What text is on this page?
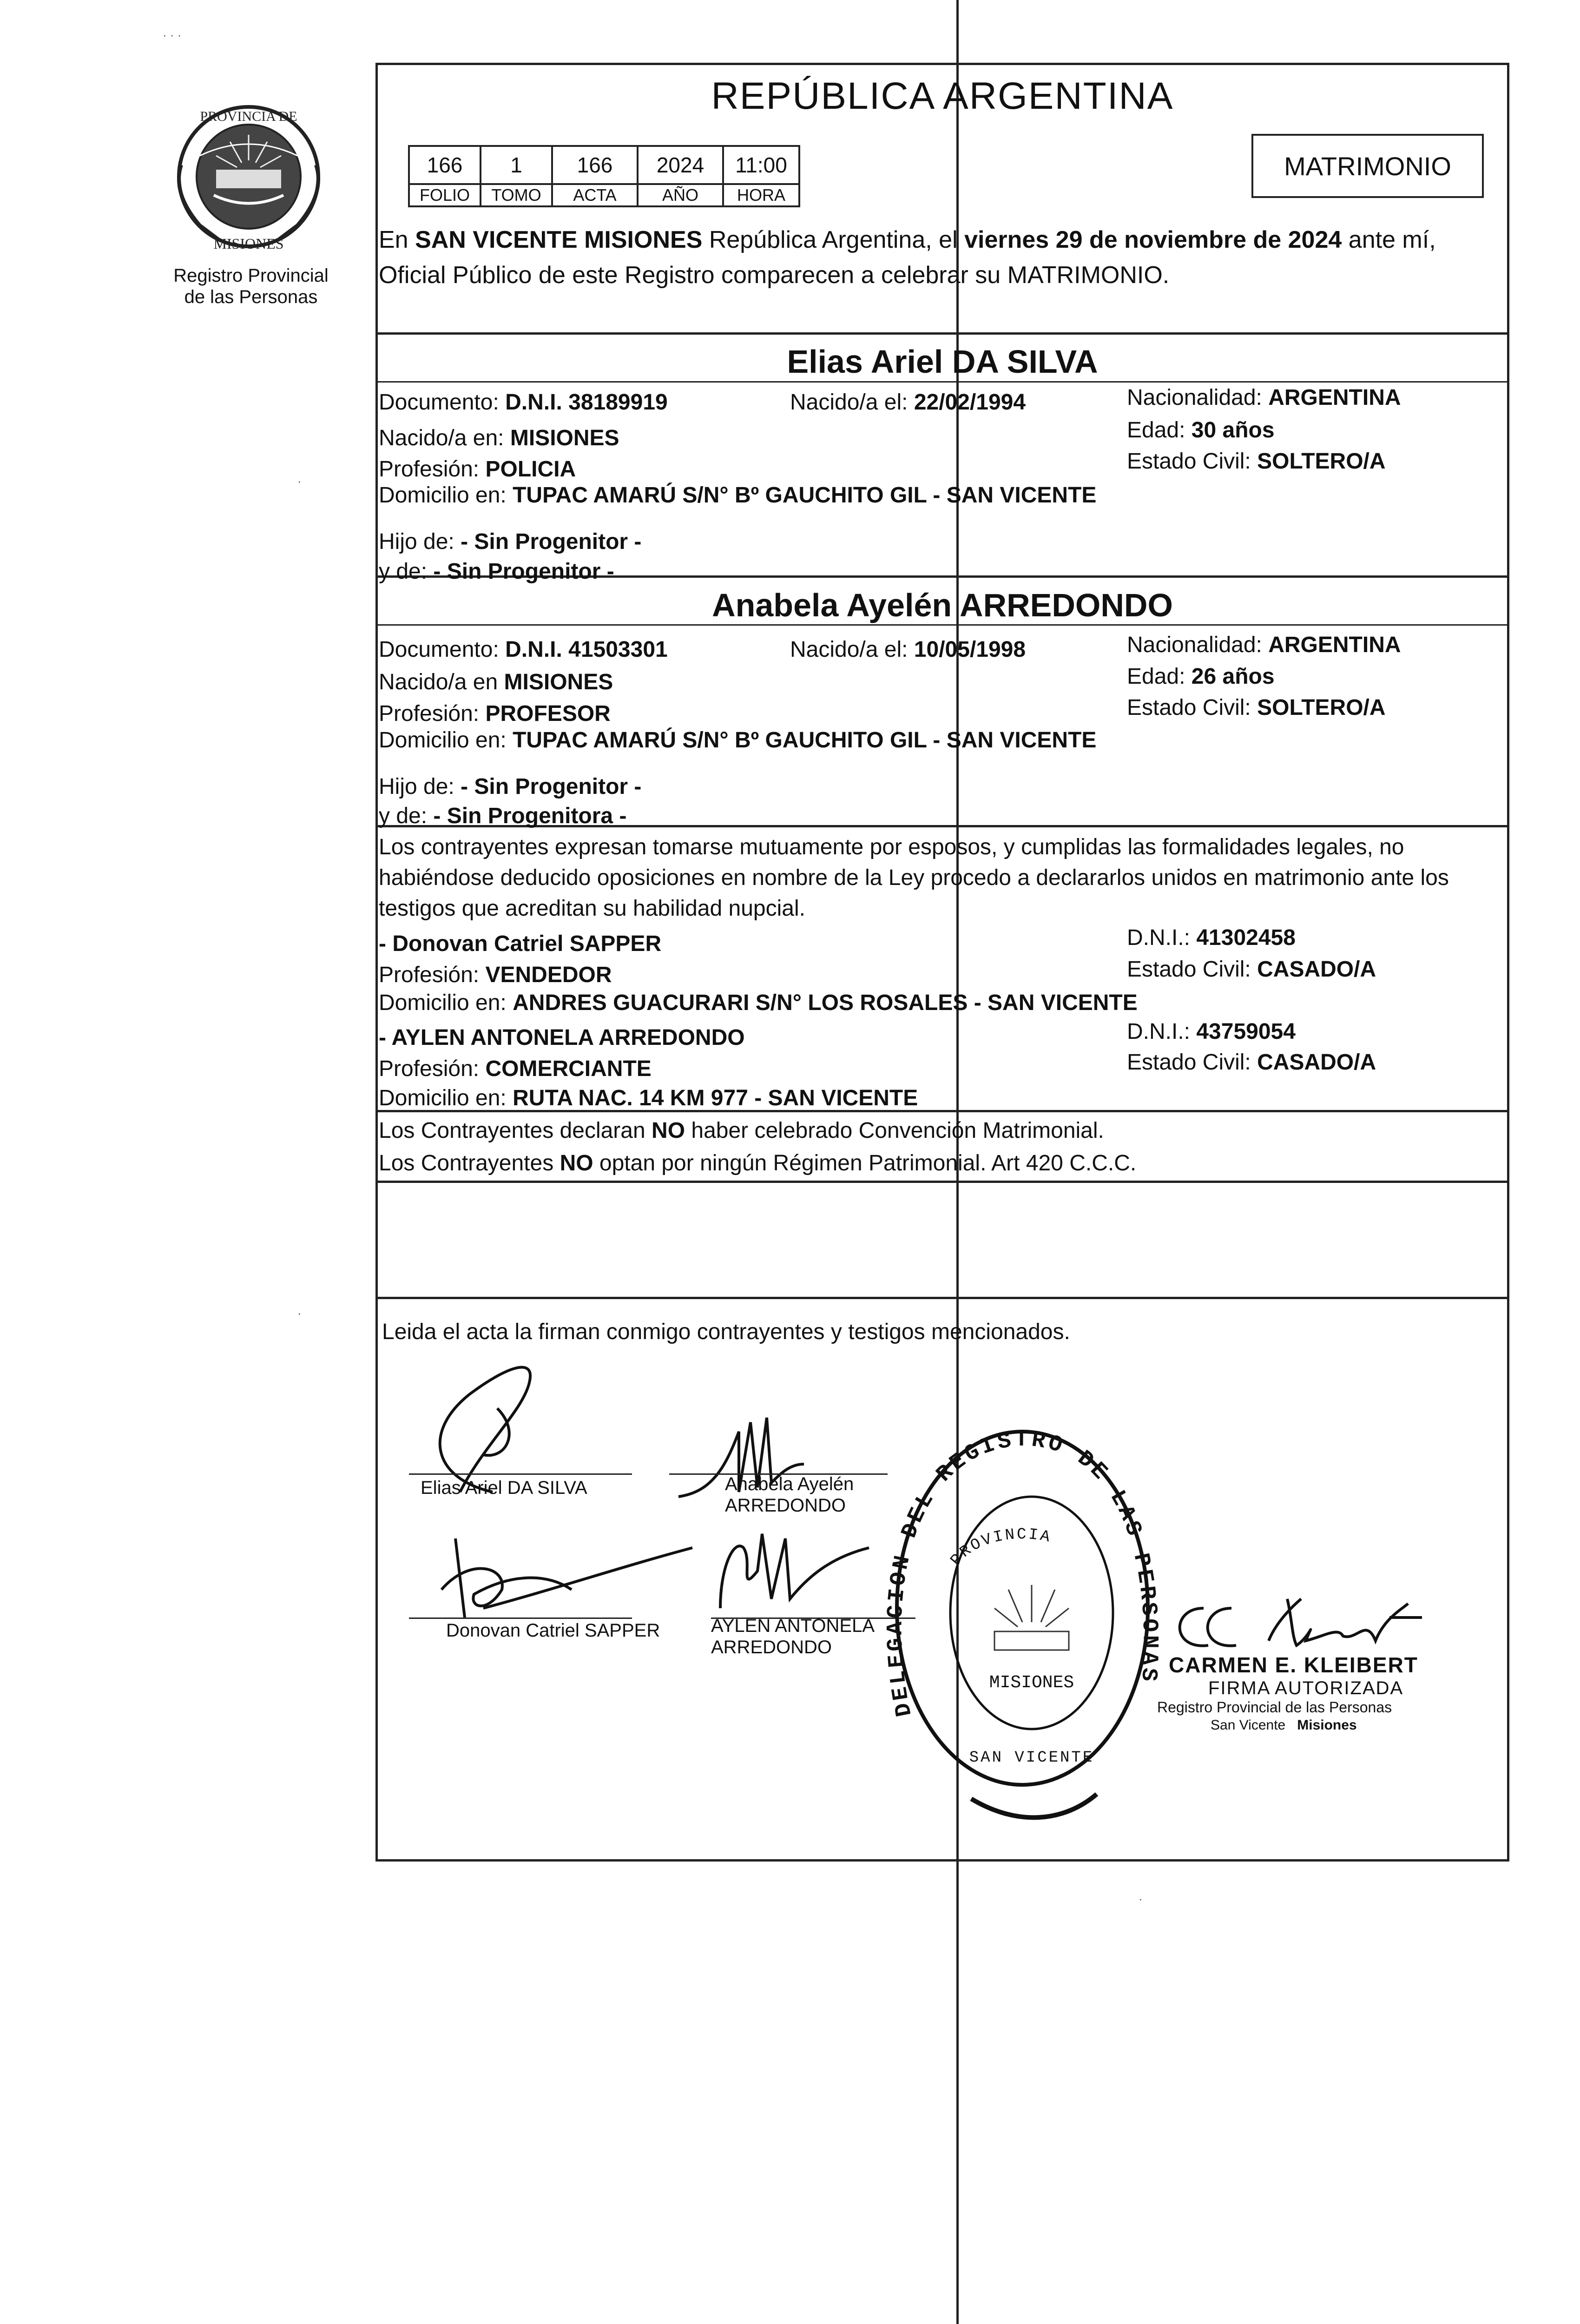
PROVINCIA DE
MISIONES
Registro Provincial
de las Personas
REPÚBLICA ARGENTINA
166	1	166	2024	11:00
FOLIO	TOMO	ACTA	AÑO	HORA
MATRIMONIO
En SAN VICENTE MISIONES República Argentina, el viernes 29 de noviembre de 2024 ante mí, Oficial Público de este Registro comparecen a celebrar su MATRIMONIO.
Elias Ariel DA SILVA
Documento: D.N.I. 38189919	Nacido/a el: 22/02/1994	Nacionalidad: ARGENTINA
Nacido/a en: MISIONES	Edad: 30 años
Profesión: POLICIA	Estado Civil: SOLTERO/A
Domicilio en: TUPAC AMARÚ S/N° Bº GAUCHITO GIL - SAN VICENTE
Hijo de: - Sin Progenitor -
y de: - Sin Progenitor -
Anabela Ayelén ARREDONDO
Documento: D.N.I. 41503301	Nacido/a el: 10/05/1998	Nacionalidad: ARGENTINA
Nacido/a en MISIONES	Edad: 26 años
Profesión: PROFESOR	Estado Civil: SOLTERO/A
Domicilio en: TUPAC AMARÚ S/N° Bº GAUCHITO GIL - SAN VICENTE
Hijo de: - Sin Progenitor -
y de: - Sin Progenitora -
Los contrayentes expresan tomarse mutuamente por esposos, y cumplidas las formalidades legales, no habiéndose deducido oposiciones en nombre de la Ley procedo a declararlos unidos en matrimonio ante los testigos que acreditan su habilidad nupcial.
- Donovan Catriel SAPPER	D.N.I.: 41302458
Profesión: VENDEDOR	Estado Civil: CASADO/A
Domicilio en: ANDRES GUACURARI S/N° LOS ROSALES - SAN VICENTE
- AYLEN ANTONELA ARREDONDO	D.N.I.: 43759054
Profesión: COMERCIANTE	Estado Civil: CASADO/A
Domicilio en: RUTA NAC. 14 KM 977 - SAN VICENTE
Los Contrayentes declaran NO haber celebrado Convención Matrimonial.
Los Contrayentes NO optan por ningún Régimen Patrimonial. Art 420 C.C.C.
Leida el acta la firman conmigo contrayentes y testigos mencionados.
Elias Ariel DA SILVA	Anabela Ayelén
ARREDONDO
Donovan Catriel SAPPER	AYLEN ANTONELA
ARREDONDO
DELEGACION DEL REGISTRO DE LAS PERSONAS
PROVINCIA
MISIONES
SAN VICENTE
CARMEN E. KLEIBERT
FIRMA AUTORIZADA
Registro Provincial de las Personas
San Vicente Misiones
· · ·
·
·
·
